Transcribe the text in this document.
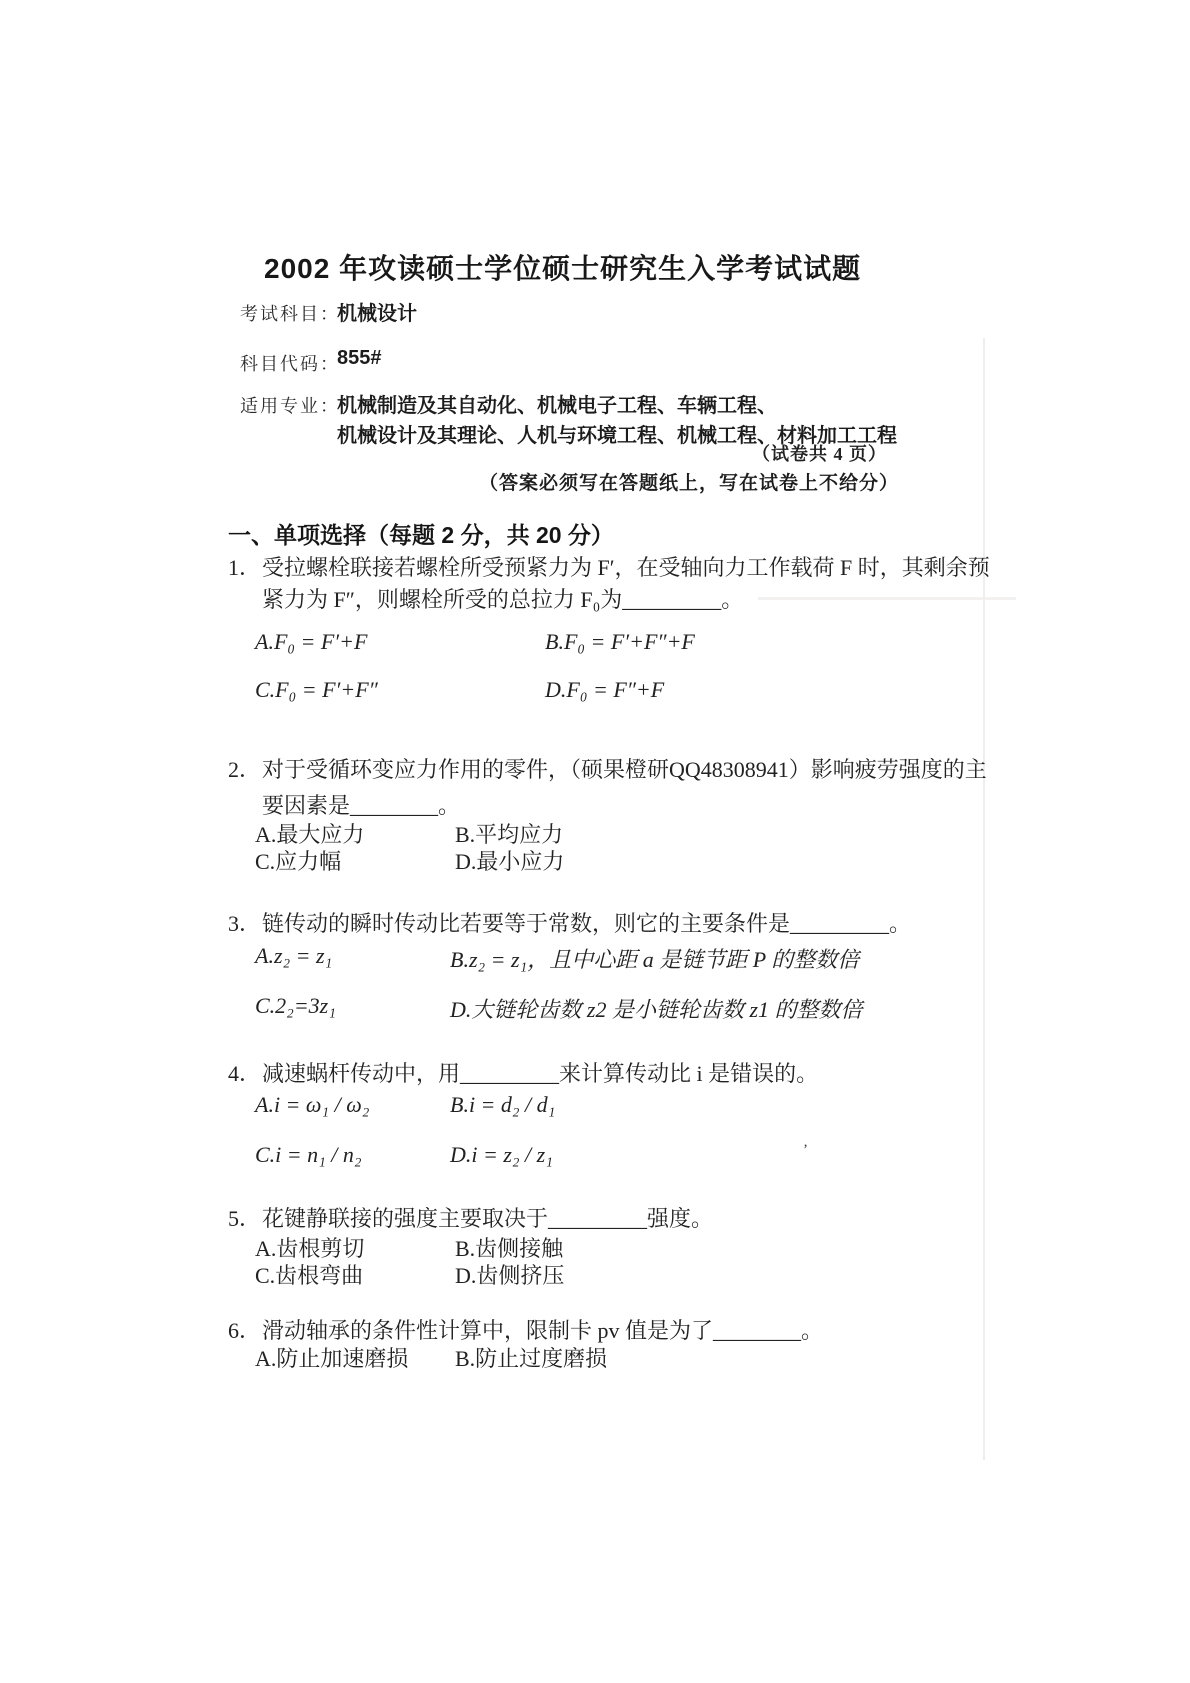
’
2002 年攻读硕士学位硕士研究生入学考试试题
考试科目：
机械设计
科目代码：
855#
适用专业：
机械制造及其自动化、机械电子工程、车辆工程、
机械设计及其理论、人机与环境工程、机械工程、材料加工工程
（试卷共 4 页）
（答案必须写在答题纸上，写在试卷上不给分）
一、单项选择（每题 2 分，共 20 分）
1．受拉螺栓联接若螺栓所受预紧力为 F′，在受轴向力工作载荷 F 时，其剩余预
紧力为 F″，则螺栓所受的总拉力 F₀为_________。
A.F₀ = F′+F	B.F₀ = F′+F″+F
C.F₀ = F′+F″	D.F₀ = F″+F
2．对于受循环变应力作用的零件，（硕果橙研QQ48308941）影响疲劳强度的主
要因素是________。
A.最大应力	B.平均应力
C.应力幅	D.最小应力
3．链传动的瞬时传动比若要等于常数，则它的主要条件是_________。
A.z₂ = z₁	B.z₂ = z₁，且中心距 a 是链节距 P 的整数倍
C.2₂=3z₁	D.大链轮齿数 z2 是小链轮齿数 z1 的整数倍
4．减速蜗杆传动中，用_________来计算传动比 i 是错误的。
A.i = ω₁ / ω₂	B.i = d₂ / d₁
C.i = n₁ / n₂	D.i = z₂ / z₁
5．花键静联接的强度主要取决于_________强度。
A.齿根剪切	B.齿侧接触
C.齿根弯曲	D.齿侧挤压
6．滑动轴承的条件性计算中，限制卡 pv 值是为了________。
A.防止加速磨损 B.防止过度磨损
